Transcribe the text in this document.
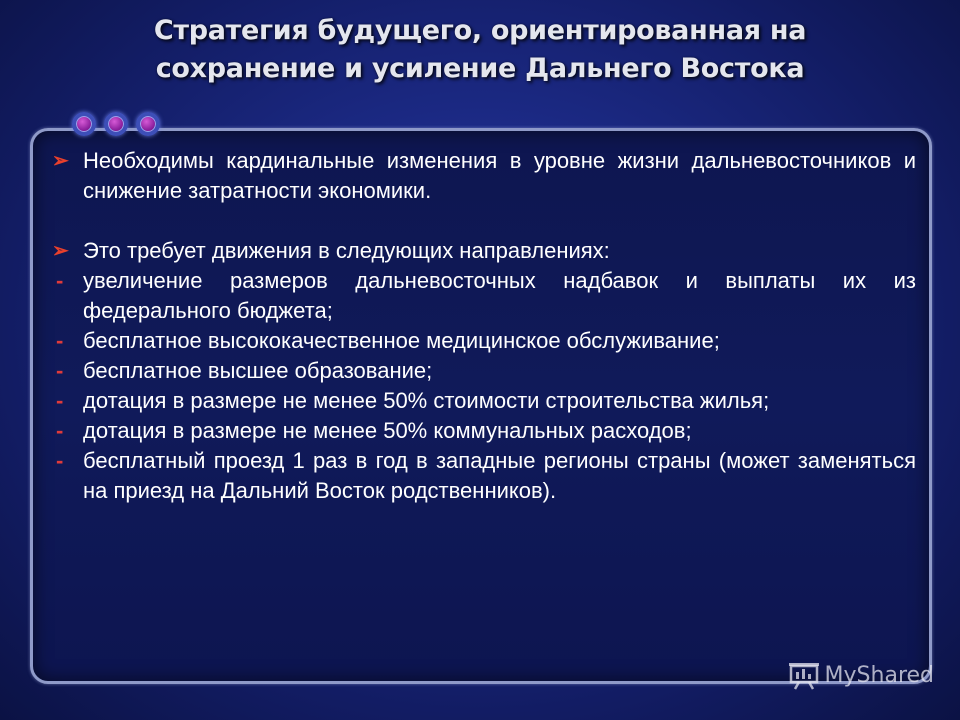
Стратегия будущего, ориентированная на
сохранение и усиление Дальнего Востока
➢ Необходимы кардинальные изменения в уровне жизни дальневосточников и снижение затратности экономики.
➢ Это требует движения в следующих направлениях:
- увеличение размеров дальневосточных надбавок и выплаты их из федерального бюджета;
- бесплатное высококачественное медицинское обслуживание;
- бесплатное высшее образование;
- дотация в размере не менее 50% стоимости строительства жилья;
- дотация в размере не менее 50% коммунальных расходов;
- бесплатный проезд 1 раз в год в западные регионы страны (может заменяться на приезд на Дальний Восток родственников).
MyShared
